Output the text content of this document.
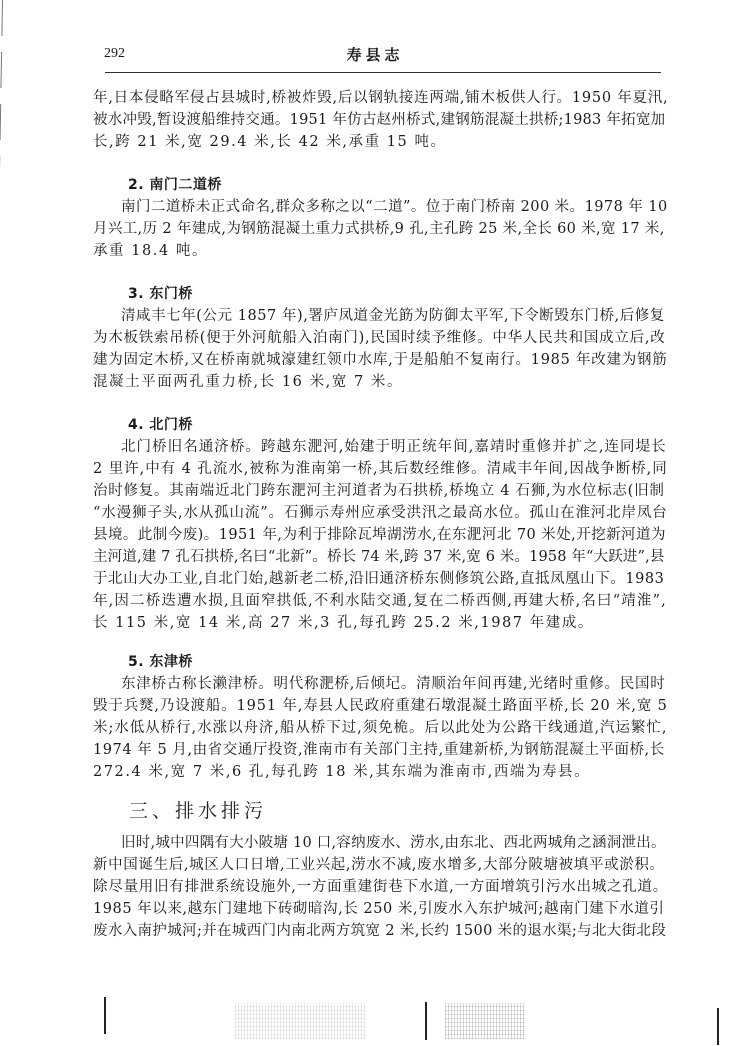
292	寿县志
年,日本侵略军侵占县城时,桥被炸毁,后以钢轨接连两端,铺木板供人行。1950 年夏汛,
被水冲毁,暂设渡船维持交通。1951 年仿古赵州桥式,建钢筋混凝土拱桥;1983 年拓宽加
长,跨 21 米,宽 29.4 米,长 42 米,承重 15 吨。
2. 南门二道桥
南门二道桥未正式命名,群众多称之以“二道”。位于南门桥南 200 米。1978 年 10
月兴工,历 2 年建成,为钢筋混凝土重力式拱桥,9 孔,主孔跨 25 米,全长 60 米,宽 17 米,
承重 18.4 吨。
3. 东门桥
清咸丰七年(公元 1857 年),署庐凤道金光筯为防御太平军,下令断毁东门桥,后修复
为木板铁索吊桥(便于外河航船入泊南门),民国时续予维修。中华人民共和国成立后,改
建为固定木桥,又在桥南就城濠建红领巾水库,于是船舶不复南行。1985 年改建为钢筋
混凝土平面两孔重力桥,长 16 米,宽 7 米。
4. 北门桥
北门桥旧名通济桥。跨越东淝河,始建于明正统年间,嘉靖时重修并扩之,连同堤长
2 里许,中有 4 孔流水,被称为淮南第一桥,其后数经维修。清咸丰年间,因战争断桥,同
治时修复。其南端近北门跨东淝河主河道者为石拱桥,桥堍立 4 石狮,为水位标志(旧制
“水漫狮子头,水从孤山流”。石狮示寿州应承受洪汛之最高水位。孤山在淮河北岸凤台
县境。此制今废)。1951 年,为利于排除瓦埠湖涝水,在东淝河北 70 米处,开挖新河道为
主河道,建 7 孔石拱桥,名曰“北新”。桥长 74 米,跨 37 米,宽 6 米。1958 年“大跃进”,县
于北山大办工业,自北门始,越新老二桥,沿旧通济桥东侧修筑公路,直抵凤凰山下。1983
年,因二桥迭遭水损,且面窄拱低,不利水陆交通,复在二桥西侧,再建大桥,名曰“靖淮”,
长 115 米,宽 14 米,高 27 米,3 孔,每孔跨 25.2 米,1987 年建成。
5. 东津桥
东津桥古称长濑津桥。明代称淝桥,后倾圮。清顺治年间再建,光绪时重修。民国时
毁于兵燹,乃设渡船。1951 年,寿县人民政府重建石墩混凝土路面平桥,长 20 米,宽 5
米;水低从桥行,水涨以舟济,船从桥下过,须免桅。后以此处为公路干线通道,汽运繁忙,
1974 年 5 月,由省交通厅投资,淮南市有关部门主持,重建新桥,为钢筋混凝土平面桥,长
272.4 米,宽 7 米,6 孔,每孔跨 18 米,其东端为淮南市,西端为寿县。
三、排水排污
旧时,城中四隅有大小陂塘 10 口,容纳废水、涝水,由东北、西北两城角之涵洞泄出。
新中国诞生后,城区人口日增,工业兴起,涝水不减,废水增多,大部分陂塘被填平或淤积。
除尽量用旧有排泄系统设施外,一方面重建街巷下水道,一方面增筑引污水出城之孔道。
1985 年以来,越东门建地下砖砌暗沟,长 250 米,引废水入东护城河;越南门建下水道引
废水入南护城河;并在城西门内南北两方筑宽 2 米,长约 1500 米的退水渠;与北大街北段
